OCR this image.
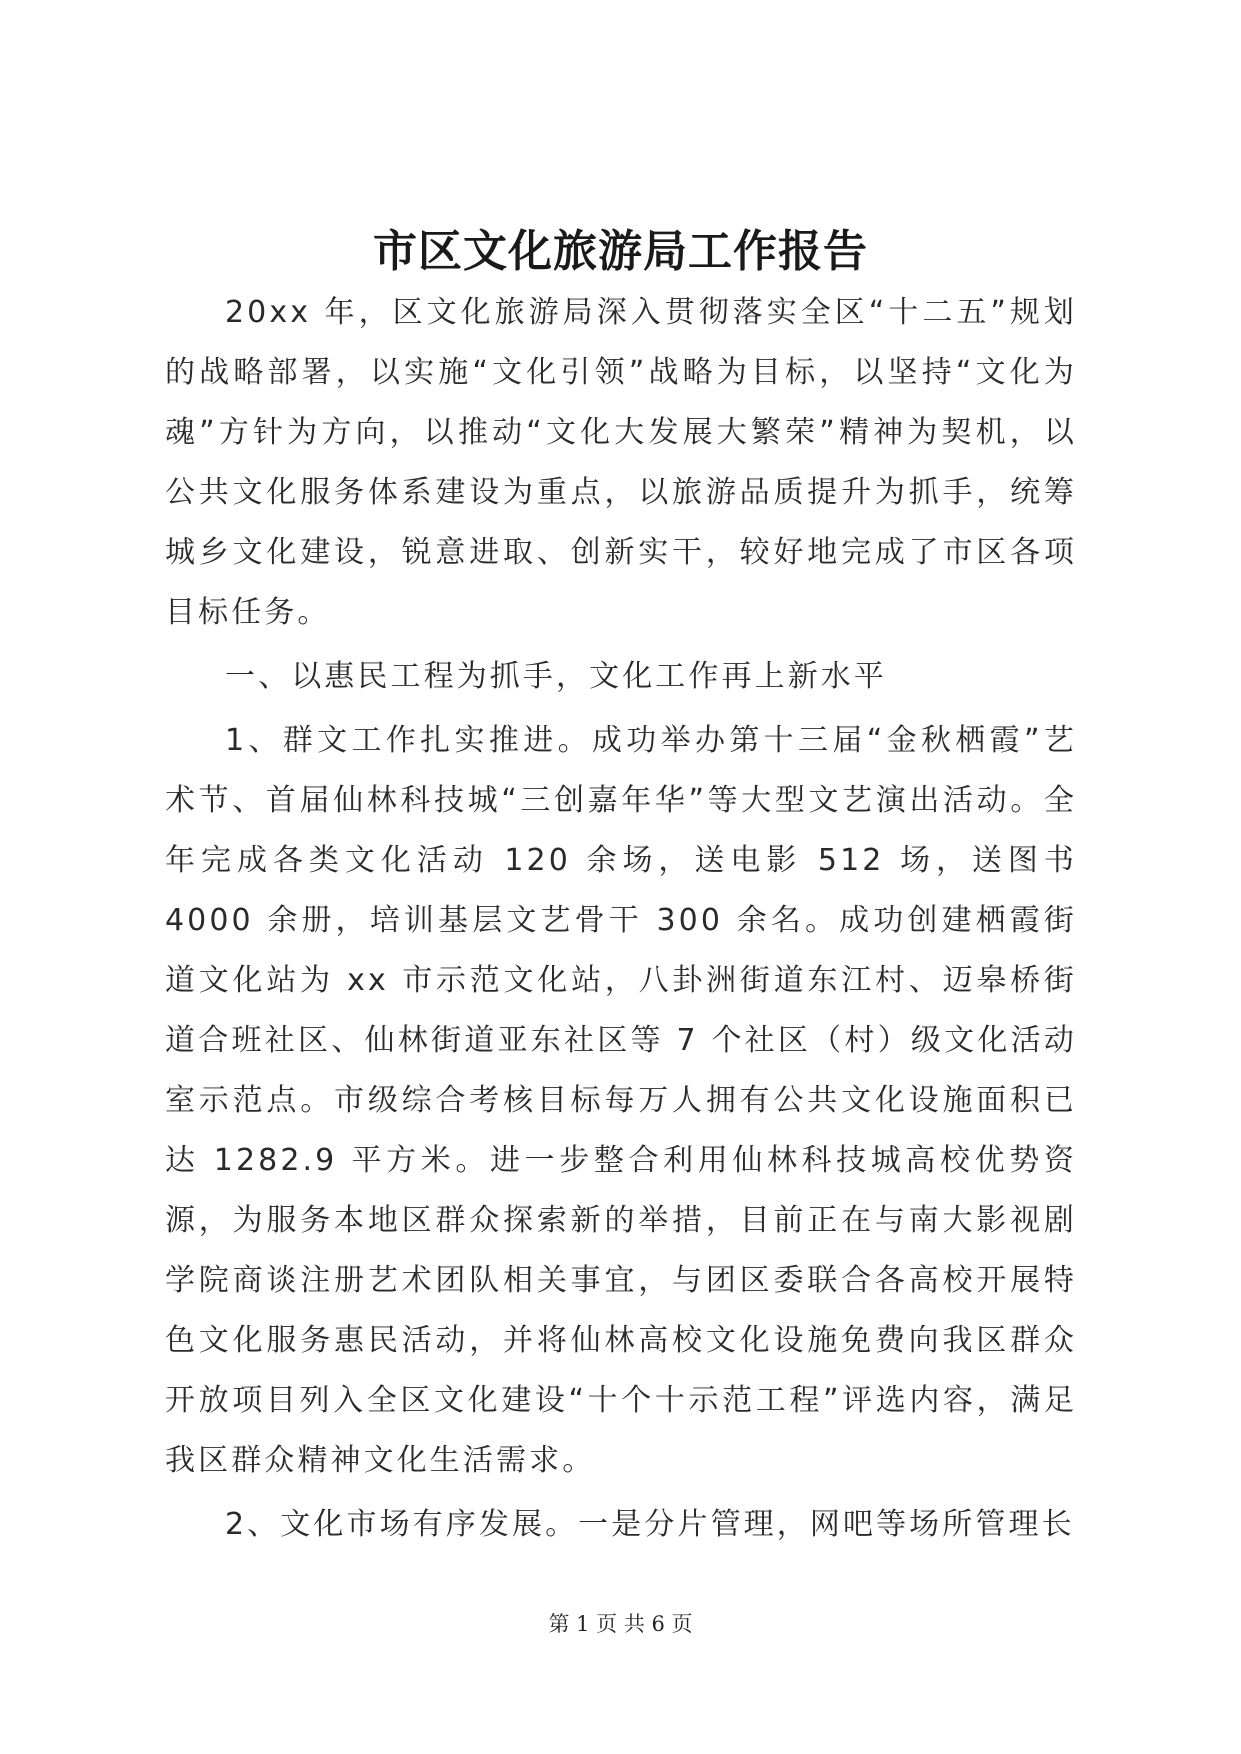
市区文化旅游局工作报告

20xx 年，区文化旅游局深入贯彻落实全区“十二五”规划的战略部署，以实施“文化引领”战略为目标，以坚持“文化为魂”方针为方向，以推动“文化大发展大繁荣”精神为契机，以公共文化服务体系建设为重点，以旅游品质提升为抓手，统筹城乡文化建设，锐意进取、创新实干，较好地完成了市区各项目标任务。

一、以惠民工程为抓手，文化工作再上新水平

1、群文工作扎实推进。成功举办第十三届“金秋栖霞”艺术节、首届仙林科技城“三创嘉年华”等大型文艺演出活动。全年完成各类文化活动 120 余场，送电影 512 场，送图书 4000 余册，培训基层文艺骨干 300 余名。成功创建栖霞街道文化站为 xx 市示范文化站，八卦洲街道东江村、迈皋桥街道合班社区、仙林街道亚东社区等 7 个社区（村）级文化活动室示范点。市级综合考核目标每万人拥有公共文化设施面积已达 1282.9 平方米。进一步整合利用仙林科技城高校优势资源，为服务本地区群众探索新的举措，目前正在与南大影视剧学院商谈注册艺术团队相关事宜，与团区委联合各高校开展特色文化服务惠民活动，并将仙林高校文化设施免费向我区群众开放项目列入全区文化建设“十个十示范工程”评选内容，满足我区群众精神文化生活需求。

2、文化市场有序发展。一是分片管理，网吧等场所管理长

第 1 页 共 6 页
